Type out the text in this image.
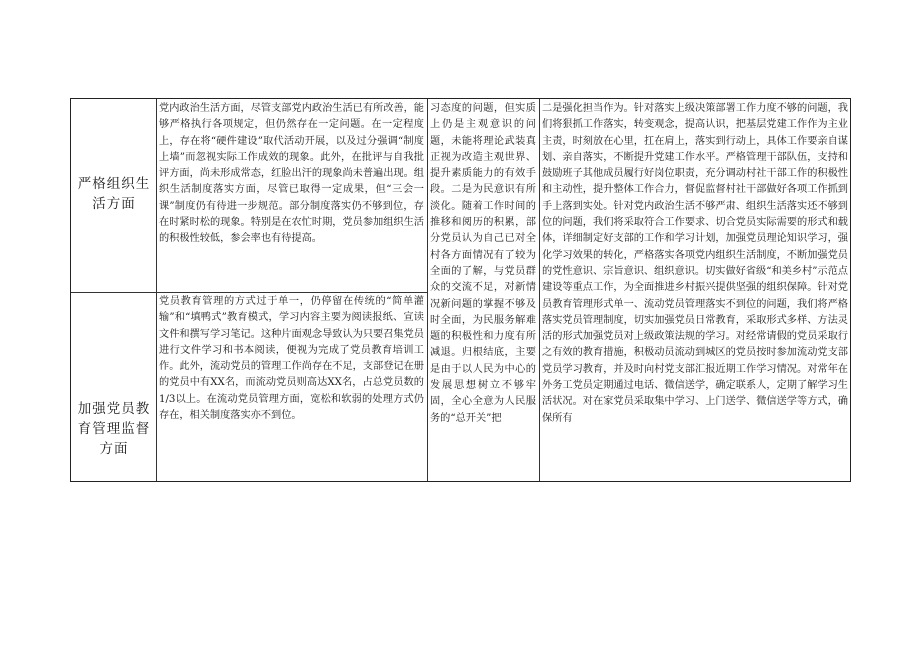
严格组织生活方面
党内政治生活方面，尽管支部党内政治生活已有所改善，能够严格执行各项规定，但仍然存在一定问题。在一定程度上，存在将“硬件建设”取代活动开展，以及过分强调“制度上墙”而忽视实际工作成效的现象。此外，在批评与自我批评方面，尚未形成常态，红脸出汗的现象尚未普遍出现。组织生活制度落实方面，尽管已取得一定成果，但“三会一课”制度仍有待进一步规范。部分制度落实仍不够到位，存在时紧时松的现象。特别是在农忙时期，党员参加组织生活的积极性较低，参会率也有待提高。
加强党员教育管理监督方面
党员教育管理的方式过于单一，仍停留在传统的“简单灌输”和“填鸭式”教育模式，学习内容主要为阅读报纸、宣读文件和撰写学习笔记。这种片面观念导致认为只要召集党员进行文件学习和书本阅读，便视为完成了党员教育培训工作。此外，流动党员的管理工作尚存在不足，支部登记在册的党员中有XX名，而流动党员则高达XX名，占总党员数的1/3以上。在流动党员管理方面，宽松和软弱的处理方式仍存在，相关制度落实亦不到位。
习态度的问题，但实质上仍是主观意识的问题，未能将理论武装真正视为改造主观世界、提升素质能力的有效手段。二是为民意识有所淡化。随着工作时间的推移和阅历的积累，部分党员认为自己已对全村各方面情况有了较为全面的了解，与党员群众的交流不足，对新情况新问题的掌握不够及时全面，为民服务解难题的积极性和力度有所减退。归根结底，主要是由于以人民为中心的发展思想树立不够牢固，全心全意为人民服务的“总开关”把
二是强化担当作为。针对落实上级决策部署工作力度不够的问题，我们将狠抓工作落实，转变观念，提高认识，把基层党建工作作为主业主责，时刻放在心里，扛在肩上，落实到行动上，具体工作要亲自谋划、亲自落实，不断提升党建工作水平。严格管理干部队伍，支持和鼓励班子其他成员履行好岗位职责，充分调动村社干部工作的积极性和主动性，提升整体工作合力，督促监督村社干部做好各项工作抓到手上落到实处。针对党内政治生活不够严肃、组织生活落实还不够到位的问题，我们将采取符合工作要求、切合党员实际需要的形式和载体，详细制定好支部的工作和学习计划，加强党员理论知识学习，强化学习效果的转化，严格落实各项党内组织生活制度，不断加强党员的党性意识、宗旨意识、组织意识。切实做好省级“和美乡村”示范点建设等重点工作，为全面推进乡村振兴提供坚强的组织保障。针对党员教育管理形式单一、流动党员管理落实不到位的问题，我们将严格落实党员管理制度，切实加强党员日常教育，采取形式多样、方法灵活的形式加强党员对上级政策法规的学习。对经常请假的党员采取行之有效的教育措施，积极动员流动到城区的党员按时参加流动党支部党员学习教育，并及时向村党支部汇报近期工作学习情况。对常年在外务工党员定期通过电话、微信送学，确定联系人，定期了解学习生活状况。对在家党员采取集中学习、上门送学、微信送学等方式，确保所有
